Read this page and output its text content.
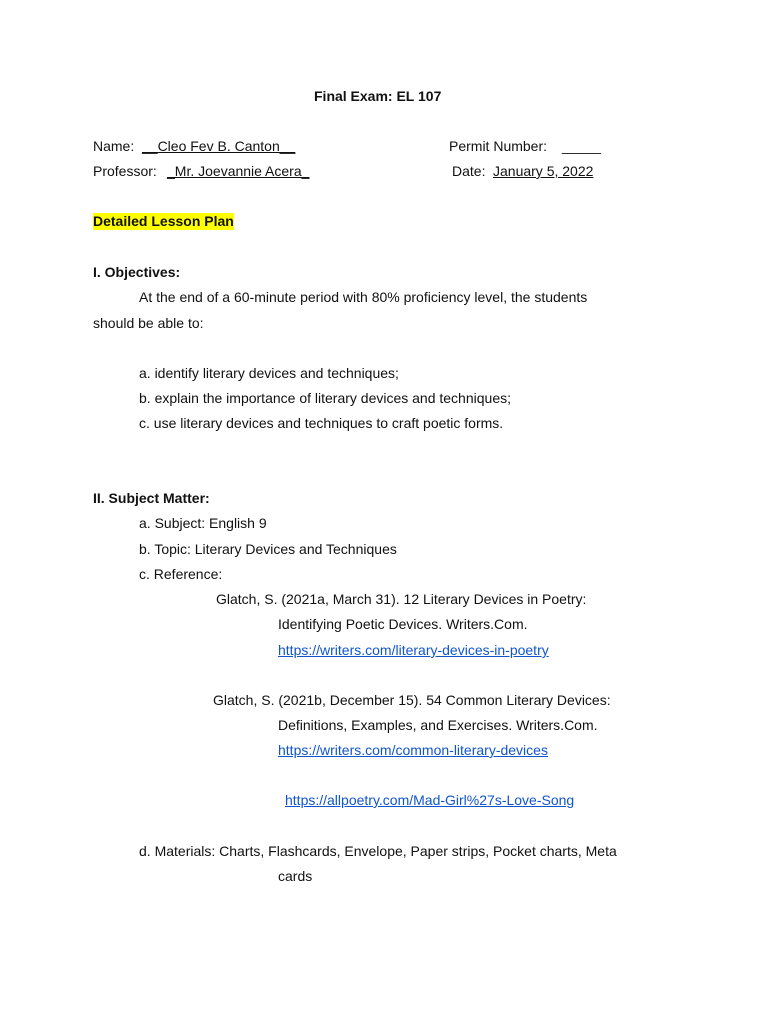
Final Exam: EL 107
Name: __Cleo Fev B. Canton__	Permit Number: _____
Professor: _Mr. Joevannie Acera_	Date: January 5, 2022
Detailed Lesson Plan
I. Objectives:
At the end of a 60-minute period with 80% proficiency level, the students
should be able to:
a. identify literary devices and techniques;
b. explain the importance of literary devices and techniques;
c. use literary devices and techniques to craft poetic forms.
II. Subject Matter:
a. Subject: English 9
b. Topic: Literary Devices and Techniques
c. Reference:
Glatch, S. (2021a, March 31). 12 Literary Devices in Poetry:
Identifying Poetic Devices. Writers.Com.
https://writers.com/literary-devices-in-poetry
Glatch, S. (2021b, December 15). 54 Common Literary Devices:
Definitions, Examples, and Exercises. Writers.Com.
https://writers.com/common-literary-devices
https://allpoetry.com/Mad-Girl%27s-Love-Song
d. Materials: Charts, Flashcards, Envelope, Paper strips, Pocket charts, Meta
cards
